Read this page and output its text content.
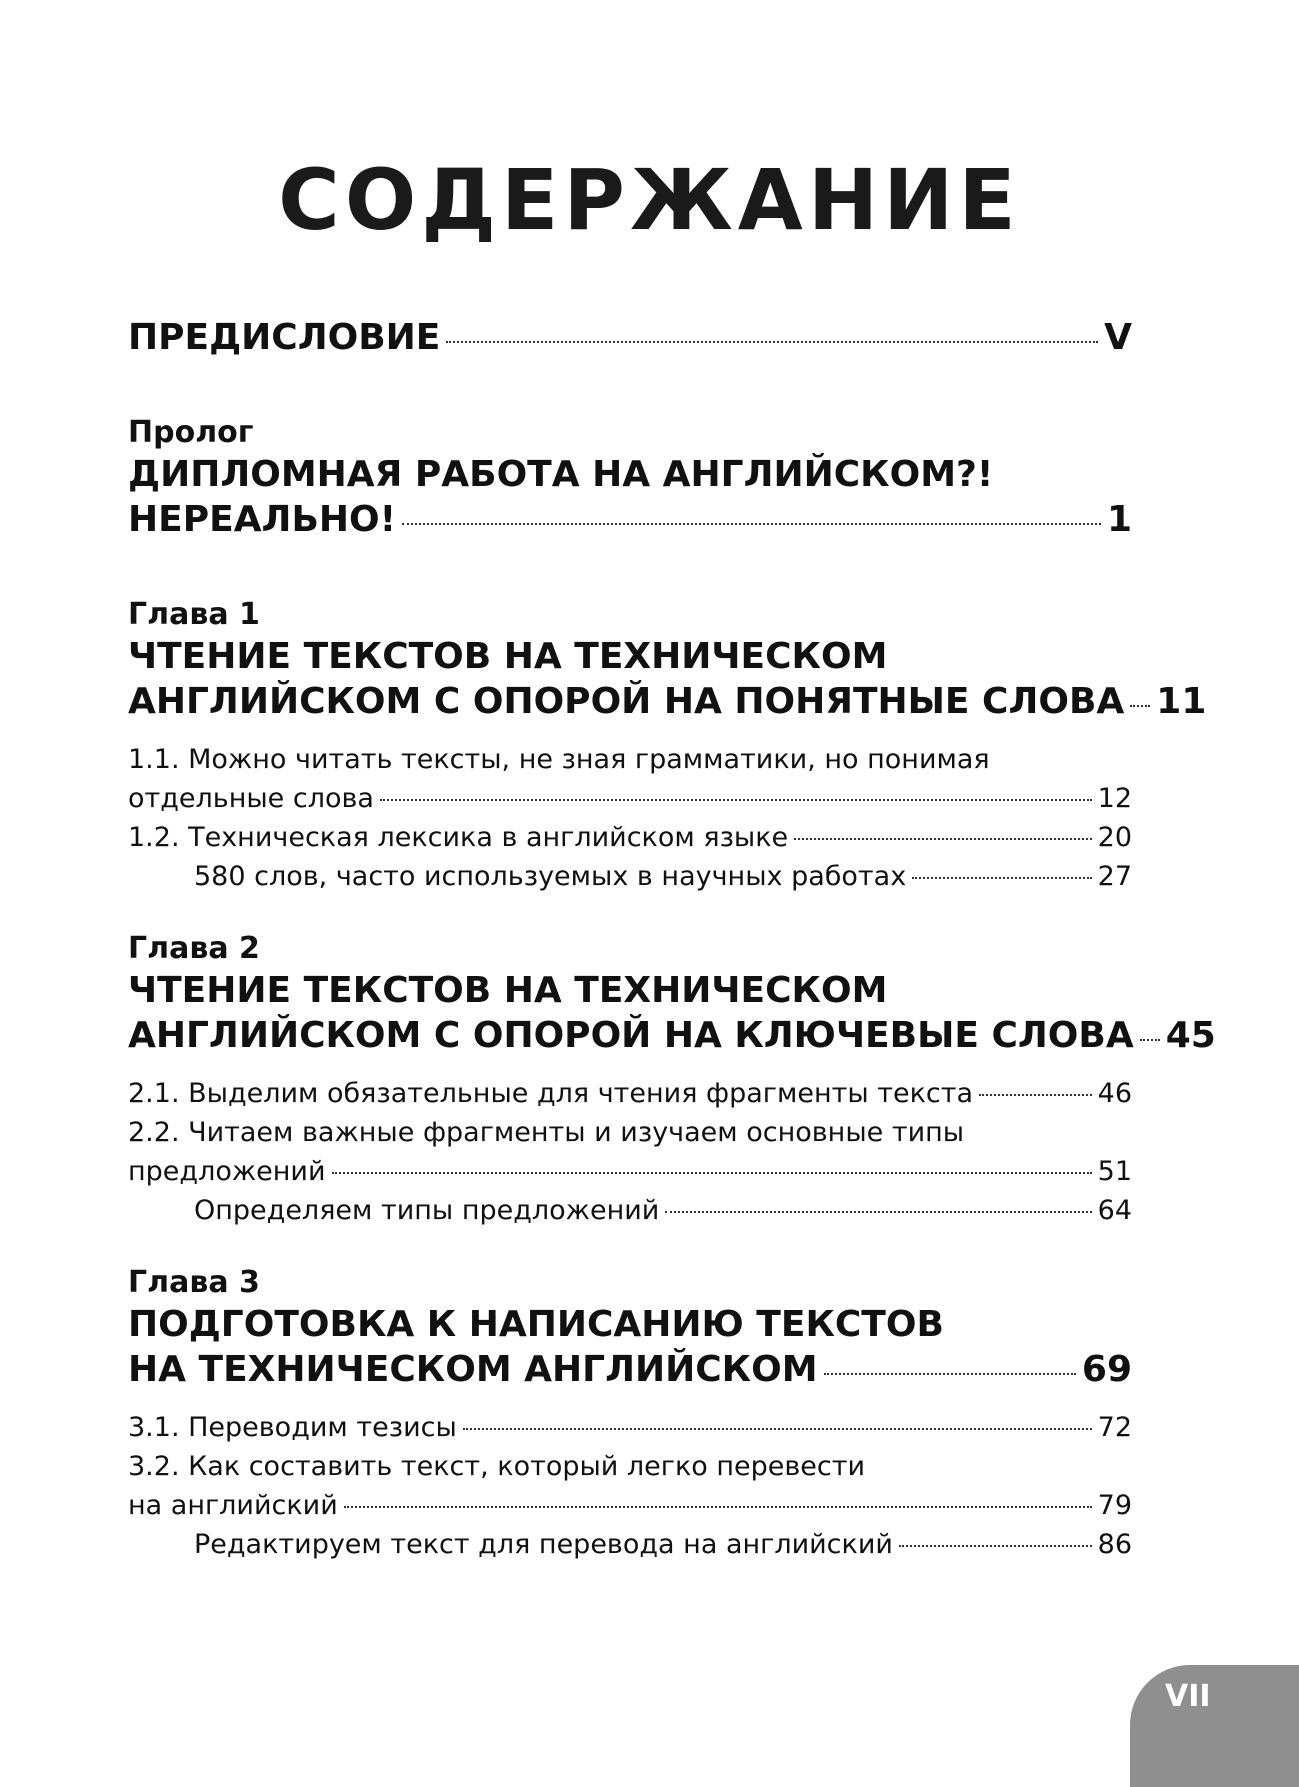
СОДЕРЖАНИЕ
ПРЕДИСЛОВИЕ	V
Пролог
ДИПЛОМНАЯ РАБОТА НА АНГЛИЙСКОМ?!
НЕРЕАЛЬНО!	1
Глава 1
ЧТЕНИЕ ТЕКСТОВ НА ТЕХНИЧЕСКОМ
АНГЛИЙСКОМ С ОПОРОЙ НА ПОНЯТНЫЕ СЛОВА 11
1.1. Можно читать тексты, не зная грамматики, но понимая
отдельные слова	12
1.2. Техническая лексика в английском языке	20
580 слов, часто используемых в научных работах	27
Глава 2
ЧТЕНИЕ ТЕКСТОВ НА ТЕХНИЧЕСКОМ
АНГЛИЙСКОМ С ОПОРОЙ НА КЛЮЧЕВЫЕ СЛОВА 45
2.1. Выделим обязательные для чтения фрагменты текста	46
2.2. Читаем важные фрагменты и изучаем основные типы
предложений	51
Определяем типы предложений	64
Глава 3
ПОДГОТОВКА К НАПИСАНИЮ ТЕКСТОВ
НА ТЕХНИЧЕСКОМ АНГЛИЙСКОМ	69
3.1. Переводим тезисы	72
3.2. Как составить текст, который легко перевести
на английский	79
Редактируем текст для перевода на английский	86
VII
